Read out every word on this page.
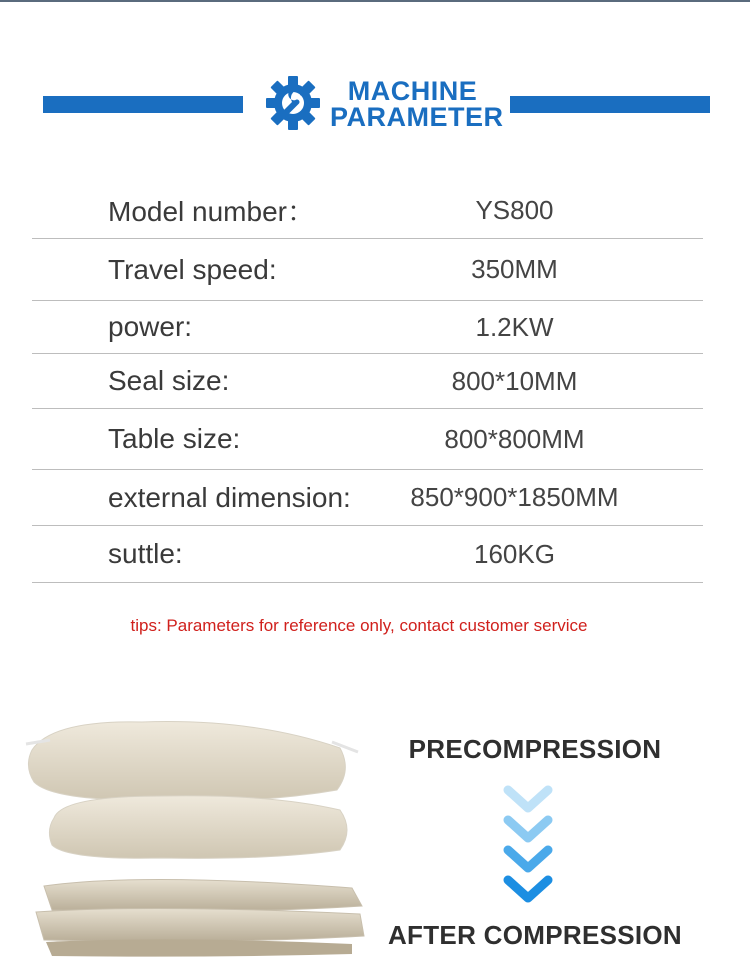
MACHINE
PARAMETER
Model number：	YS800
Travel speed:	350MM
power:	1.2KW
Seal size:	800*10MM
Table size:	800*800MM
external dimension:	850*900*1850MM
suttle:	160KG
tips: Parameters for reference only, contact customer service
PRECOMPRESSION
AFTER COMPRESSION
